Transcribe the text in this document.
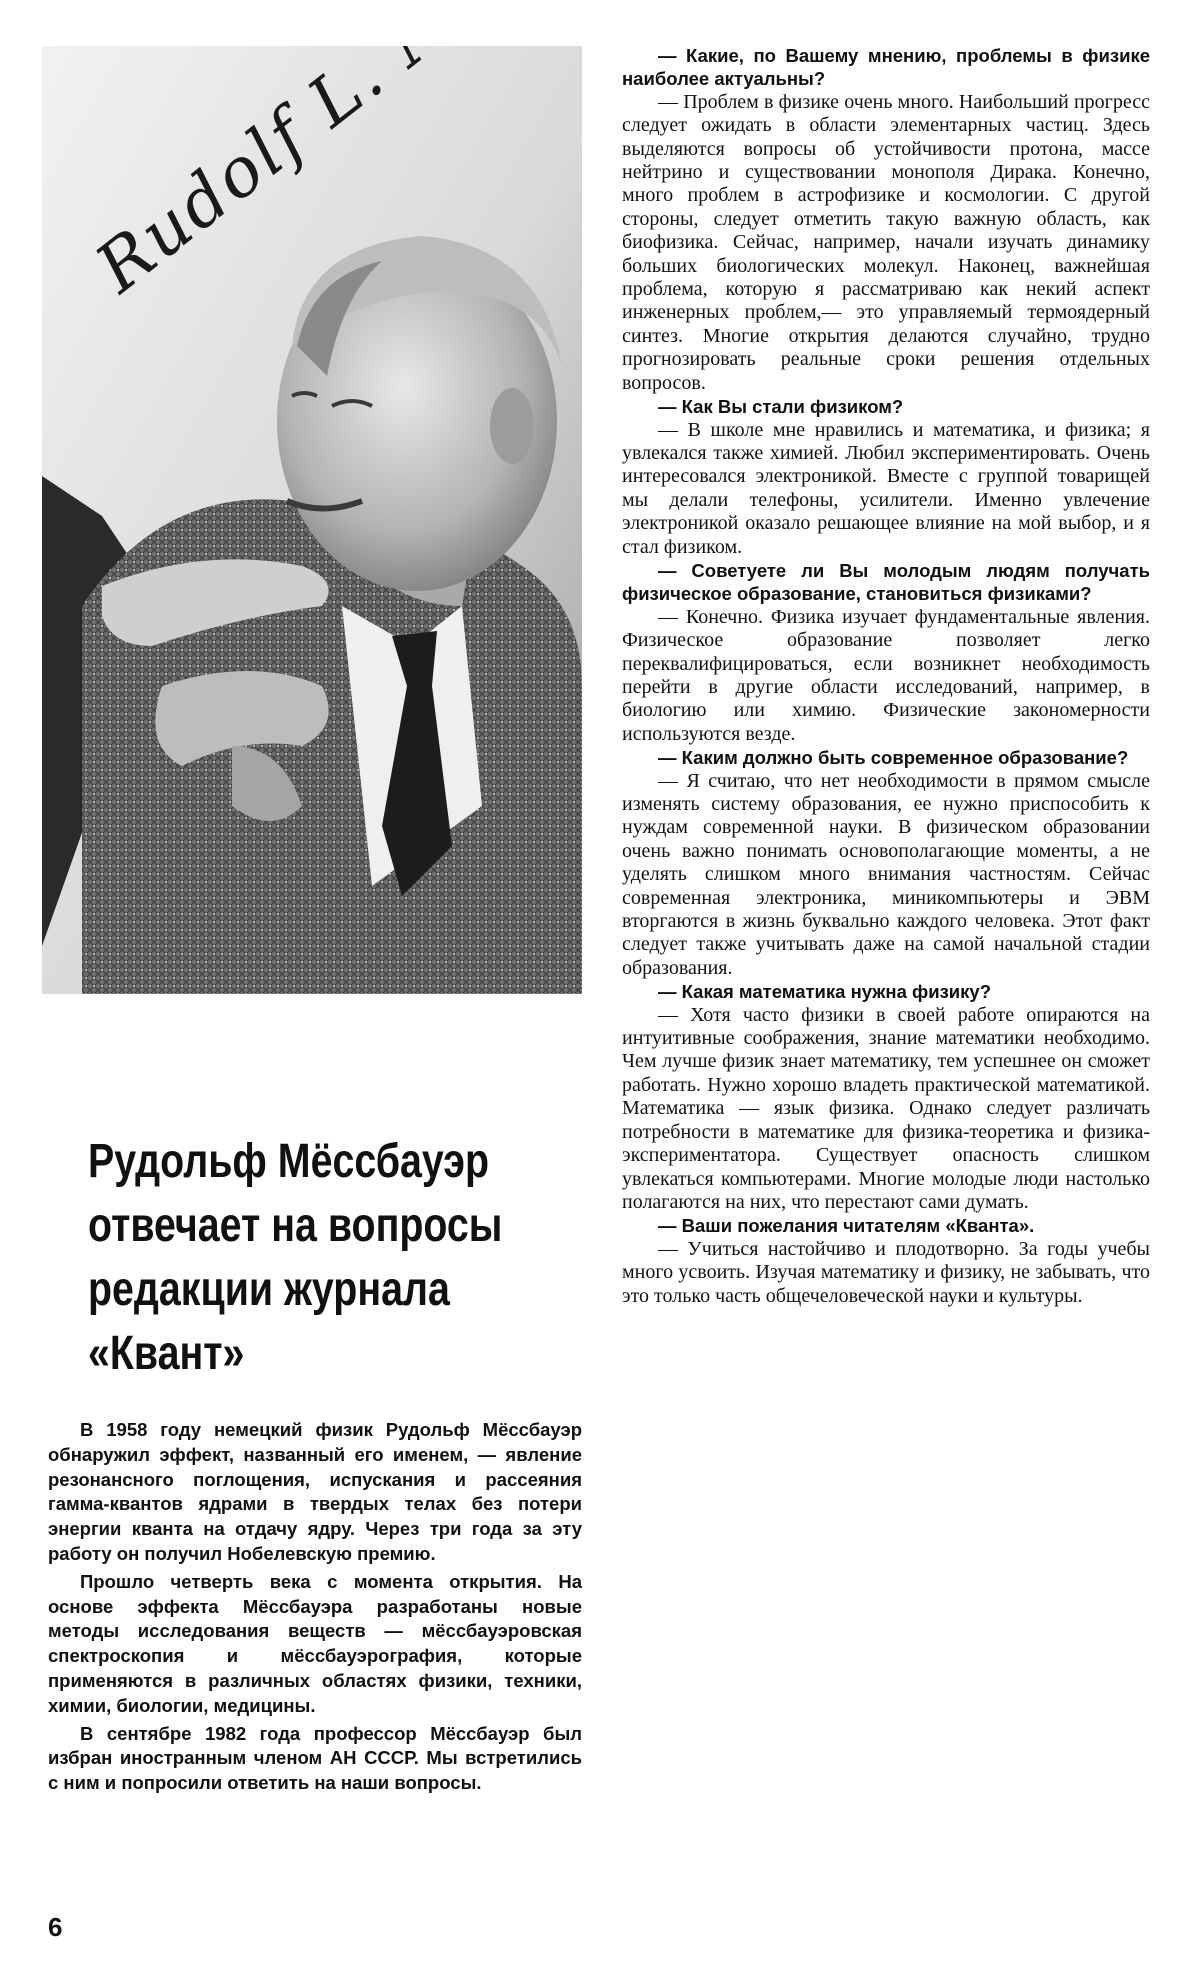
Рудольф Мёссбауэр
отвечает на вопросы
редакции журнала
«Квант»

В 1958 году немецкий физик Рудольф Мёссбауэр обнаружил эффект, названный его именем, — явление резонансного поглощения, испускания и рассеяния гамма-квантов ядрами в твердых телах без потери энергии кванта на отдачу ядру. Через три года за эту работу он получил Нобелевскую премию.

Прошло четверть века с момента открытия. На основе эффекта Мёссбауэра разработаны новые методы исследования веществ — мёссбауэровская спектроскопия и мёссбауэрография, которые применяются в различных областях физики, техники, химии, биологии, медицины.

В сентябре 1982 года профессор Мёссбауэр был избран иностранным членом АН СССР. Мы встретились с ним и попросили ответить на наши вопросы.

— Какие, по Вашему мнению, проблемы в физике наиболее актуальны?

— Проблем в физике очень много. Наибольший прогресс следует ожидать в области элементарных частиц. Здесь выделяются вопросы об устойчивости протона, массе нейтрино и существовании монополя Дирака. Конечно, много проблем в астрофизике и космологии. С другой стороны, следует отметить такую важную область, как биофизика. Сейчас, например, начали изучать динамику больших биологических молекул. Наконец, важнейшая проблема, которую я рассматриваю как некий аспект инженерных проблем,— это управляемый термоядерный синтез. Многие открытия делаются случайно, трудно прогнозировать реальные сроки решения отдельных вопросов.

— Как Вы стали физиком?

— В школе мне нравились и математика, и физика; я увлекался также химией. Любил экспериментировать. Очень интересовался электроникой. Вместе с группой товарищей мы делали телефоны, усилители. Именно увлечение электроникой оказало решающее влияние на мой выбор, и я стал физиком.

— Советуете ли Вы молодым людям получать физическое образование, становиться физиками?

— Конечно. Физика изучает фундаментальные явления. Физическое образование позволяет легко переквалифицироваться, если возникнет необходимость перейти в другие области исследований, например, в биологию или химию. Физические закономерности используются везде.

— Каким должно быть современное образование?

— Я считаю, что нет необходимости в прямом смысле изменять систему образования, ее нужно приспособить к нуждам современной науки. В физическом образовании очень важно понимать основополагающие моменты, а не уделять слишком много внимания частностям. Сейчас современная электроника, миникомпьютеры и ЭВМ вторгаются в жизнь буквально каждого человека. Этот факт следует также учитывать даже на самой начальной стадии образования.

— Какая математика нужна физику?

— Хотя часто физики в своей работе опираются на интуитивные соображения, знание математики необходимо. Чем лучше физик знает математику, тем успешнее он сможет работать. Нужно хорошо владеть практической математикой. Математика — язык физика. Однако следует различать потребности в математике для физика-теоретика и физика-экспериментатора. Существует опасность слишком увлекаться компьютерами. Многие молодые люди настолько полагаются на них, что перестают сами думать.

— Ваши пожелания читателям «Кванта».

— Учиться настойчиво и плодотворно. За годы учебы много усвоить. Изучая математику и физику, не забывать, что это только часть общечеловеческой науки и культуры.

6
